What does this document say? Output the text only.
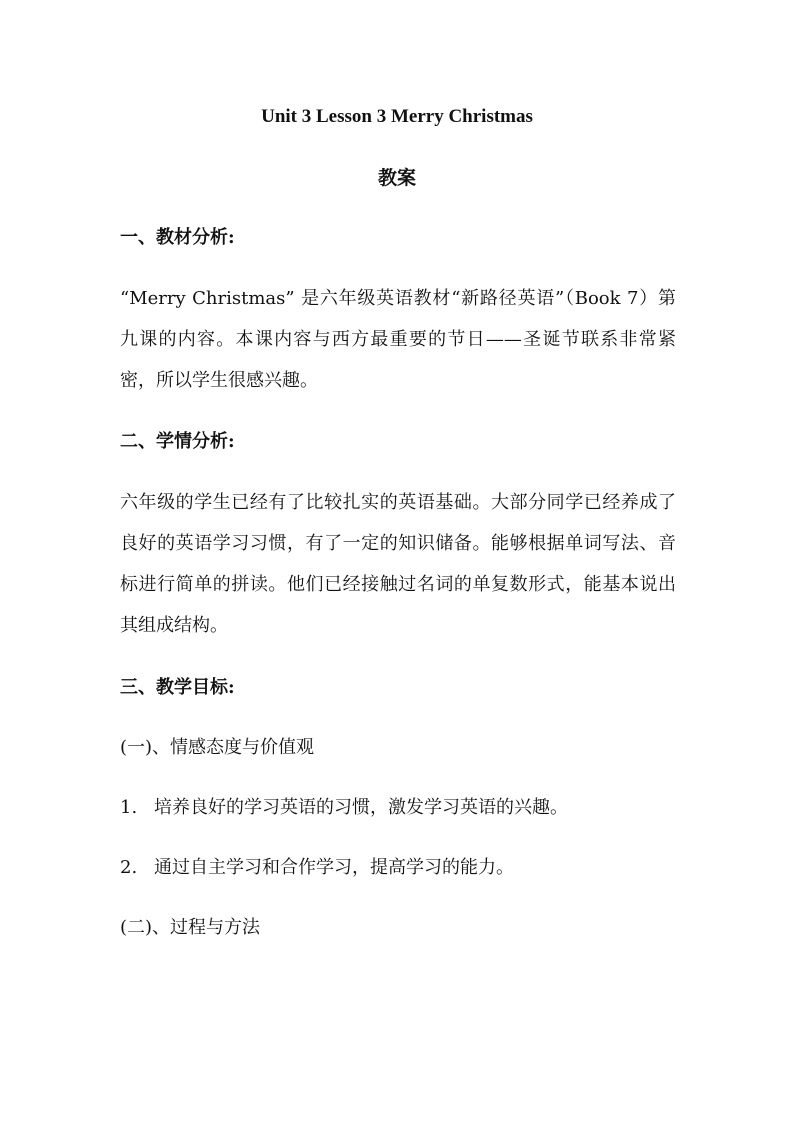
Unit 3 Lesson 3 Merry Christmas
教案
一、教材分析:
“Merry Christmas” 是六年级英语教材“新路径英语”（Book 7）第九课的内容。本课内容与西方最重要的节日——圣诞节联系非常紧密，所以学生很感兴趣。
二、学情分析:
六年级的学生已经有了比较扎实的英语基础。大部分同学已经养成了良好的英语学习习惯，有了一定的知识储备。能够根据单词写法、音标进行简单的拼读。他们已经接触过名词的单复数形式，能基本说出其组成结构。
三、教学目标:
(一)、情感态度与价值观
1. 培养良好的学习英语的习惯，激发学习英语的兴趣。
2. 通过自主学习和合作学习，提高学习的能力。
(二)、过程与方法
